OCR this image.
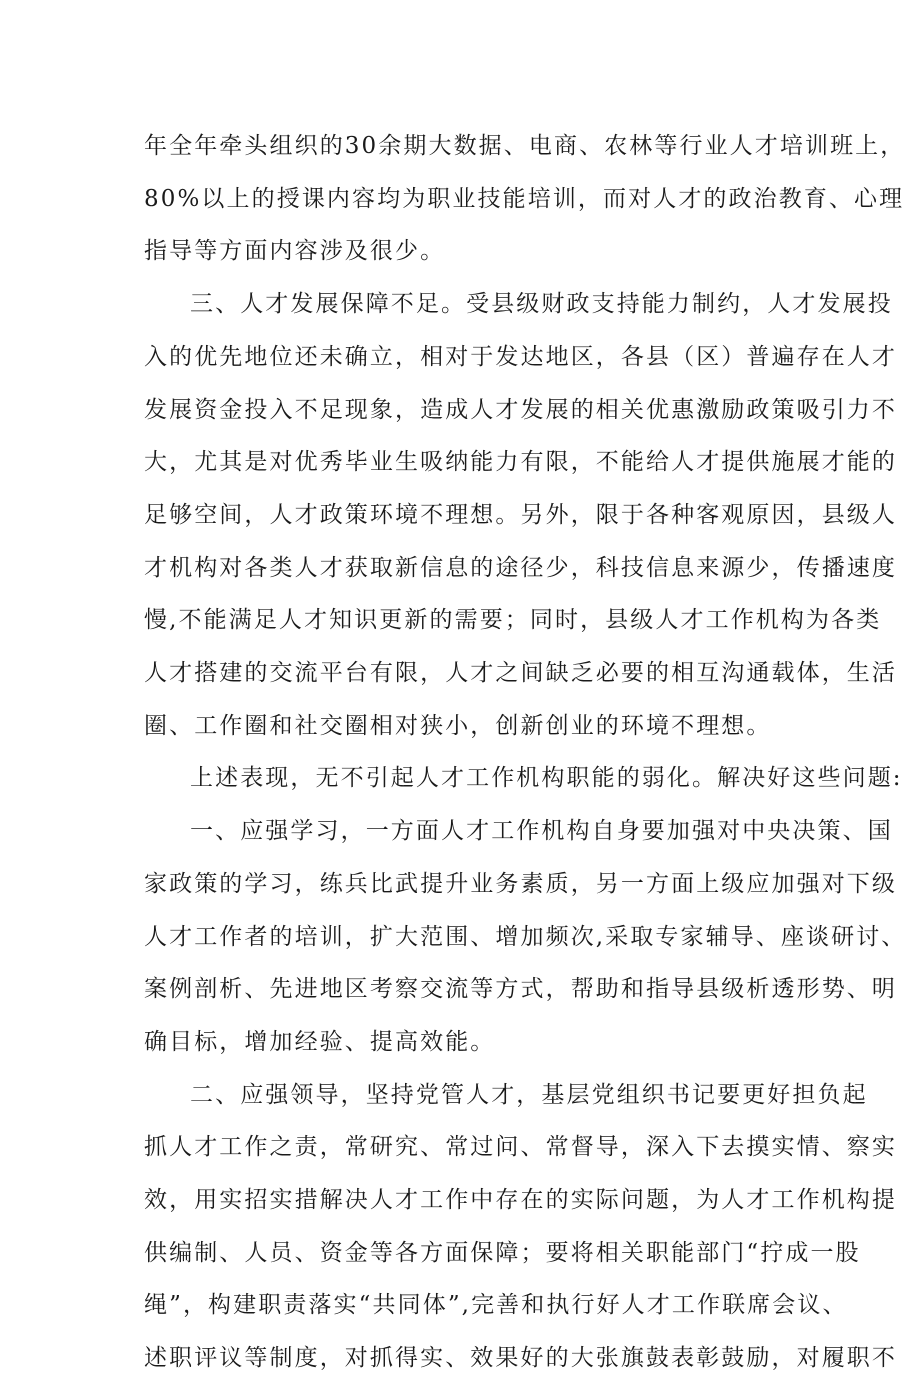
年全年牵头组织的30余期大数据、电商、农林等行业人才培训班上，
80%以上的授课内容均为职业技能培训，而对人才的政治教育、心理
指导等方面内容涉及很少。

三、人才发展保障不足。受县级财政支持能力制约，人才发展投
入的优先地位还未确立，相对于发达地区，各县（区）普遍存在人才
发展资金投入不足现象，造成人才发展的相关优惠激励政策吸引力不
大，尤其是对优秀毕业生吸纳能力有限，不能给人才提供施展才能的
足够空间，人才政策环境不理想。另外，限于各种客观原因，县级人
才机构对各类人才获取新信息的途径少，科技信息来源少，传播速度
慢,不能满足人才知识更新的需要；同时，县级人才工作机构为各类
人才搭建的交流平台有限，人才之间缺乏必要的相互沟通载体，生活
圈、工作圈和社交圈相对狭小，创新创业的环境不理想。

上述表现，无不引起人才工作机构职能的弱化。解决好这些问题:

一、应强学习，一方面人才工作机构自身要加强对中央决策、国
家政策的学习，练兵比武提升业务素质，另一方面上级应加强对下级
人才工作者的培训，扩大范围、增加频次,采取专家辅导、座谈研讨、
案例剖析、先进地区考察交流等方式，帮助和指导县级析透形势、明
确目标，增加经验、提高效能。

二、应强领导，坚持党管人才，基层党组织书记要更好担负起
抓人才工作之责，常研究、常过问、常督导，深入下去摸实情、察实
效，用实招实措解决人才工作中存在的实际问题，为人才工作机构提
供编制、人员、资金等各方面保障；要将相关职能部门“拧成一股
绳”，构建职责落实“共同体”,完善和执行好人才工作联席会议、
述职评议等制度，对抓得实、效果好的大张旗鼓表彰鼓励，对履职不
